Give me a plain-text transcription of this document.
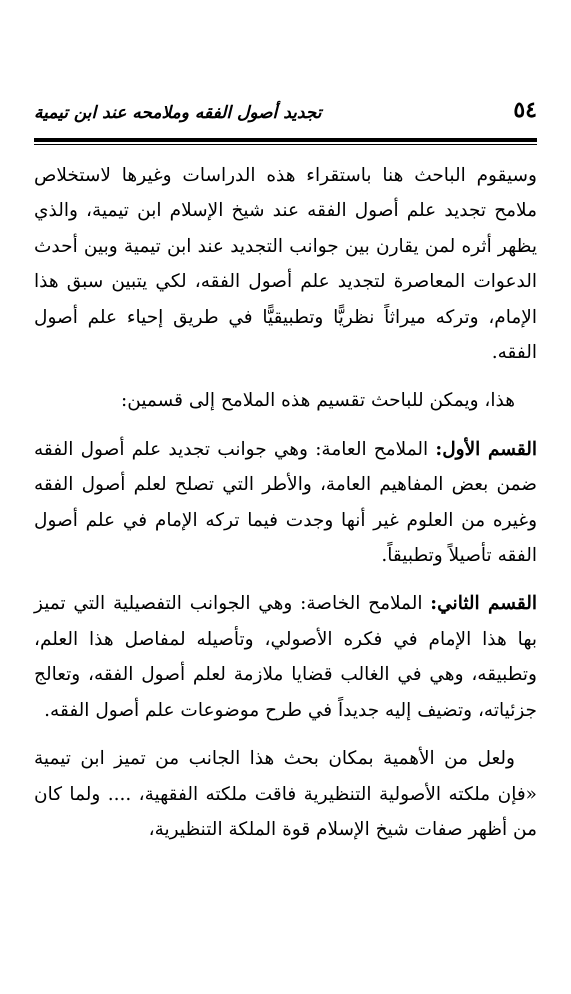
٥٤
تجديد أصول الفقه وملامحه عند ابن تيمية

وسيقوم الباحث هنا باستقراء هذه الدراسات وغيرها لاستخلاص ملامح تجديد علم أصول الفقه عند شيخ الإسلام ابن تيمية، والذي يظهر أثره لمن يقارن بين جوانب التجديد عند ابن تيمية وبين أحدث الدعوات المعاصرة لتجديد علم أصول الفقه، لكي يتبين سبق هذا الإمام، وتركه ميراثاً نظريًّا وتطبيقيًّا في طريق إحياء علم أصول الفقه.

هذا، ويمكن للباحث تقسيم هذه الملامح إلى قسمين:

القسم الأول: الملامح العامة: وهي جوانب تجديد علم أصول الفقه ضمن بعض المفاهيم العامة، والأطر التي تصلح لعلم أصول الفقه وغيره من العلوم غير أنها وجدت فيما تركه الإمام في علم أصول الفقه تأصيلاً وتطبيقاً.

القسم الثاني: الملامح الخاصة: وهي الجوانب التفصيلية التي تميز بها هذا الإمام في فكره الأصولي، وتأصيله لمفاصل هذا العلم، وتطبيقه، وهي في الغالب قضايا ملازمة لعلم أصول الفقه، وتعالج جزئياته، وتضيف إليه جديداً في طرح موضوعات علم أصول الفقه.

ولعل من الأهمية بمكان بحث هذا الجانب من تميز ابن تيمية «فإن ملكته الأصولية التنظيرية فاقت ملكته الفقهية، .... ولما كان من أظهر صفات شيخ الإسلام قوة الملكة التنظيرية،
